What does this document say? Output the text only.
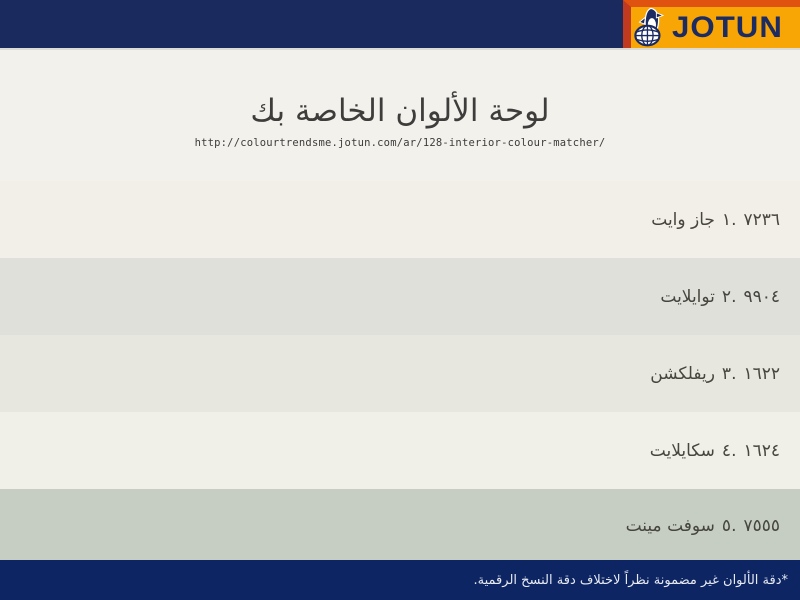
JOTUN
لوحة الألوان الخاصة بك
http://colourtrendsme.jotun.com/ar/128-interior-colour-matcher/
جاز وايت ١. ٧٢٣٦
توايلايت ٢. ٩٩٠٤
ريفلكشن ٣. ١٦٢٢
سكايلايت ٤. ١٦٢٤
سوفت مينت ٥. ٧٥٥٥
*دقة الألوان غير مضمونة نظراً لاختلاف دقة النسخ الرقمية.
